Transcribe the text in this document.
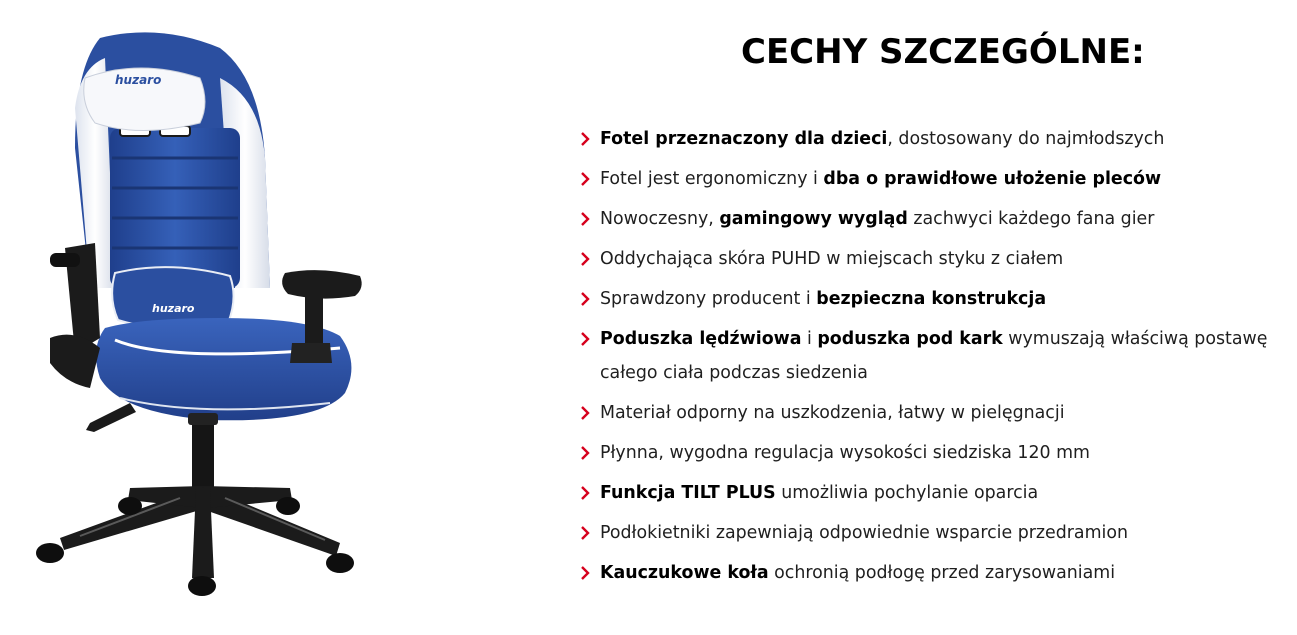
huzaro
huzaro
CECHY SZCZEGÓLNE:
Fotel przeznaczony dla dzieci, dostosowany do najmłodszych
Fotel jest ergonomiczny i dba o prawidłowe ułożenie pleców
Nowoczesny, gamingowy wygląd zachwyci każdego fana gier
Oddychająca skóra PUHD w miejscach styku z ciałem
Sprawdzony producent i bezpieczna konstrukcja
Poduszka lędźwiowa i poduszka pod kark wymuszają właściwą postawę całego ciała podczas siedzenia
Materiał odporny na uszkodzenia, łatwy w pielęgnacji
Płynna, wygodna regulacja wysokości siedziska 120 mm
Funkcja TILT PLUS umożliwia pochylanie oparcia
Podłokietniki zapewniają odpowiednie wsparcie przedramion
Kauczukowe koła ochronią podłogę przed zarysowaniami
